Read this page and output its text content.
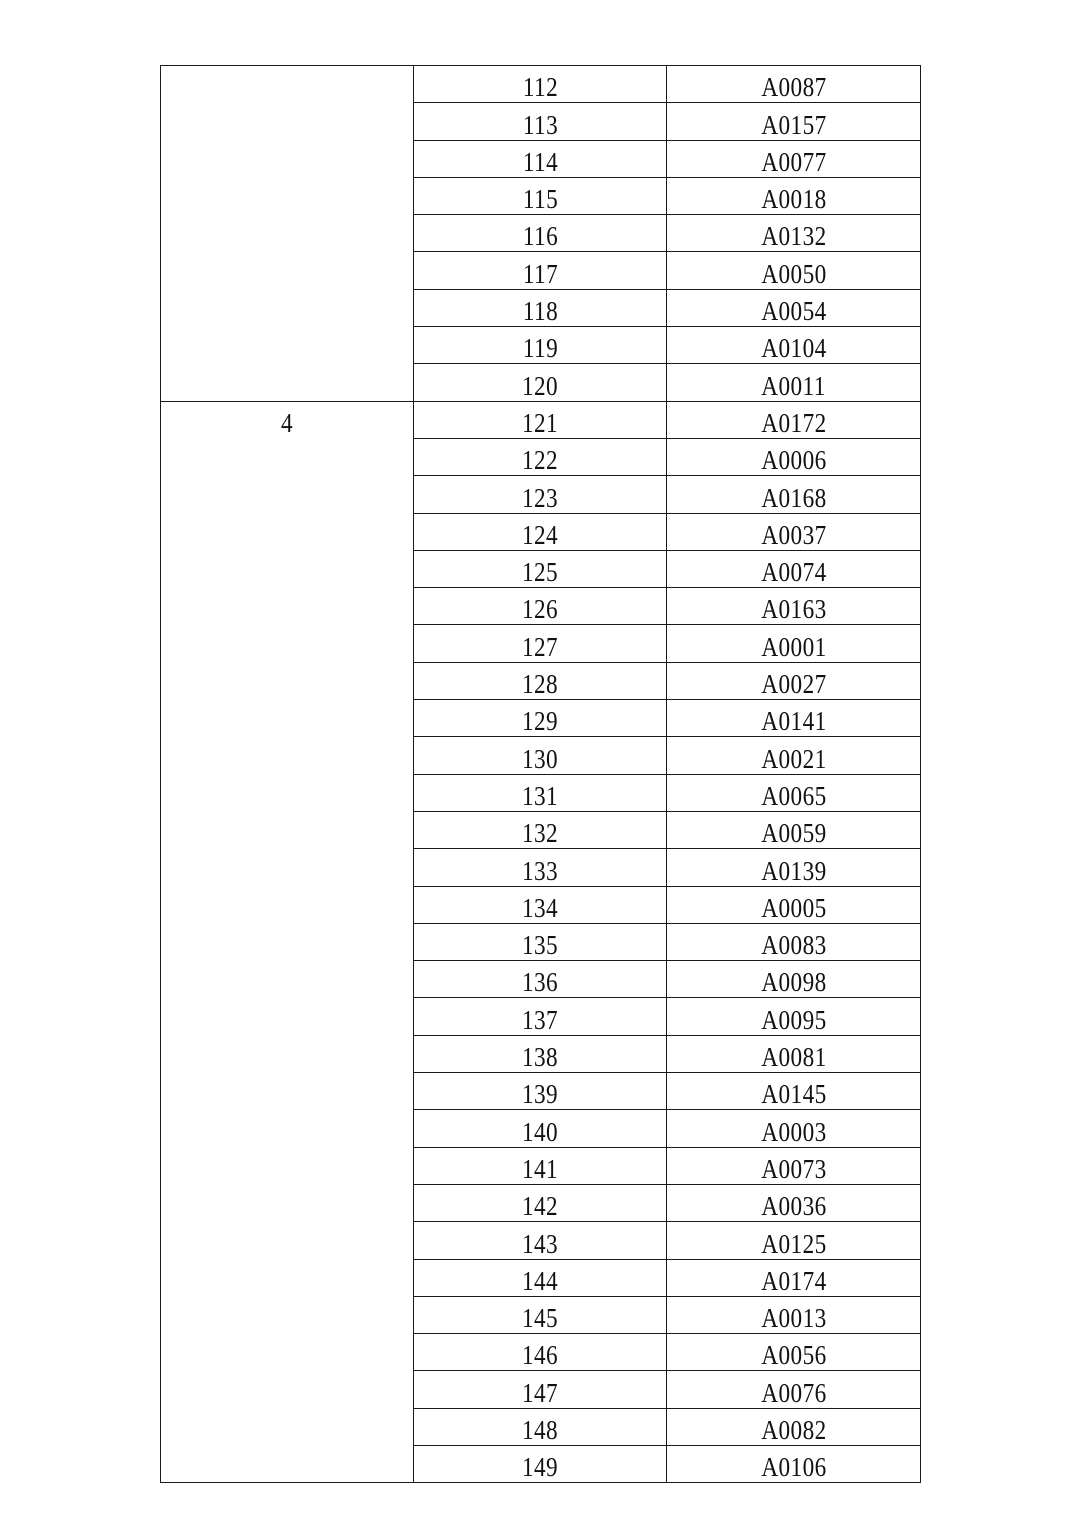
	112	A0087
	113	A0157
	114	A0077
	115	A0018
	116	A0132
	117	A0050
	118	A0054
	119	A0104
	120	A0011
4	121	A0172
	122	A0006
	123	A0168
	124	A0037
	125	A0074
	126	A0163
	127	A0001
	128	A0027
	129	A0141
	130	A0021
	131	A0065
	132	A0059
	133	A0139
	134	A0005
	135	A0083
	136	A0098
	137	A0095
	138	A0081
	139	A0145
	140	A0003
	141	A0073
	142	A0036
	143	A0125
	144	A0174
	145	A0013
	146	A0056
	147	A0076
	148	A0082
	149	A0106
